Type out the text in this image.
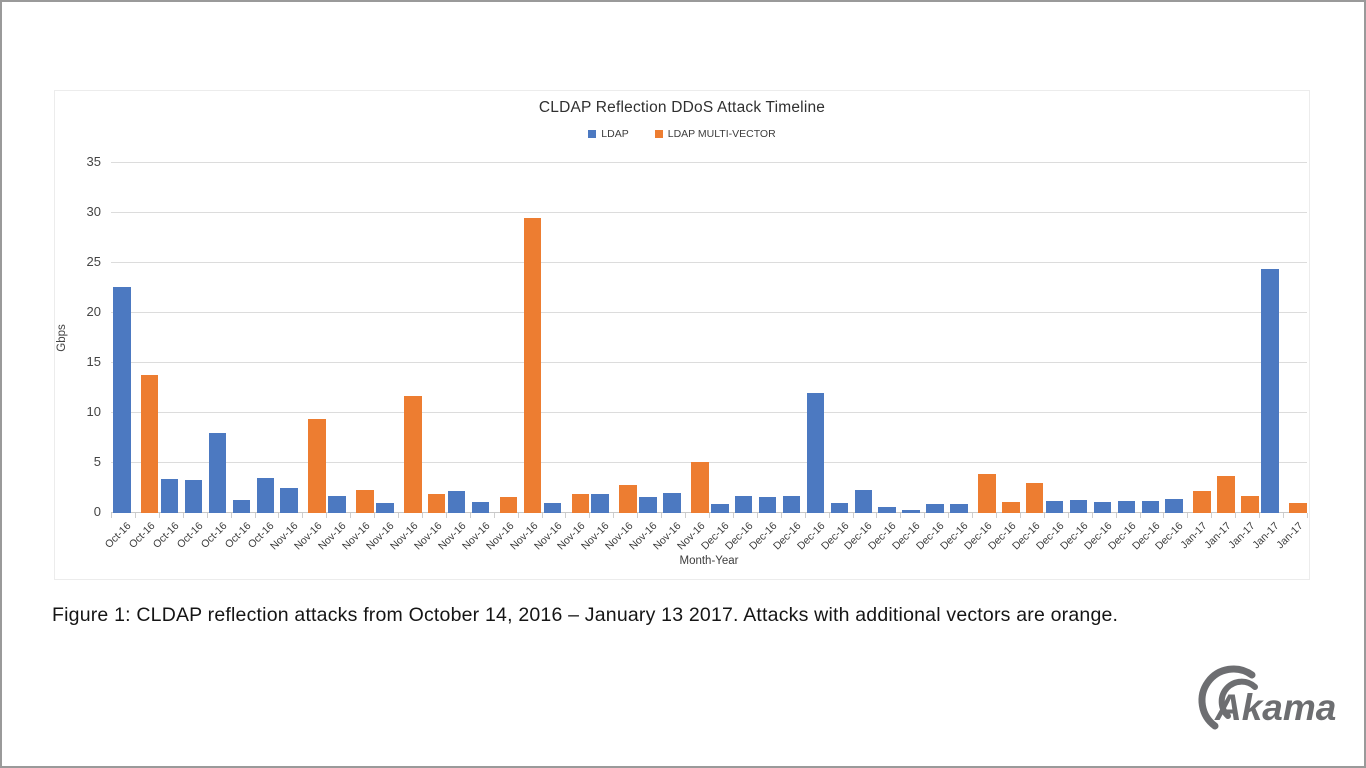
CLDAP Reflection DDoS Attack Timeline
LDAP	LDAP MULTI-VECTOR
Gbps
Month-Year
0
5
10
15
20
25
30
35
Oct-16
Oct-16
Oct-16
Oct-16
Oct-16
Oct-16
Oct-16
Nov-16
Nov-16
Nov-16
Nov-16
Nov-16
Nov-16
Nov-16
Nov-16
Nov-16
Nov-16
Nov-16
Nov-16
Nov-16
Nov-16
Nov-16
Nov-16
Nov-16
Nov-16
Dec-16
Dec-16
Dec-16
Dec-16
Dec-16
Dec-16
Dec-16
Dec-16
Dec-16
Dec-16
Dec-16
Dec-16
Dec-16
Dec-16
Dec-16
Dec-16
Dec-16
Dec-16
Dec-16
Dec-16
Jan-17
Jan-17
Jan-17
Jan-17
Jan-17
Figure 1: CLDAP reflection attacks from October 14, 2016 – January 13 2017. Attacks with additional vectors are orange.
Akamai
